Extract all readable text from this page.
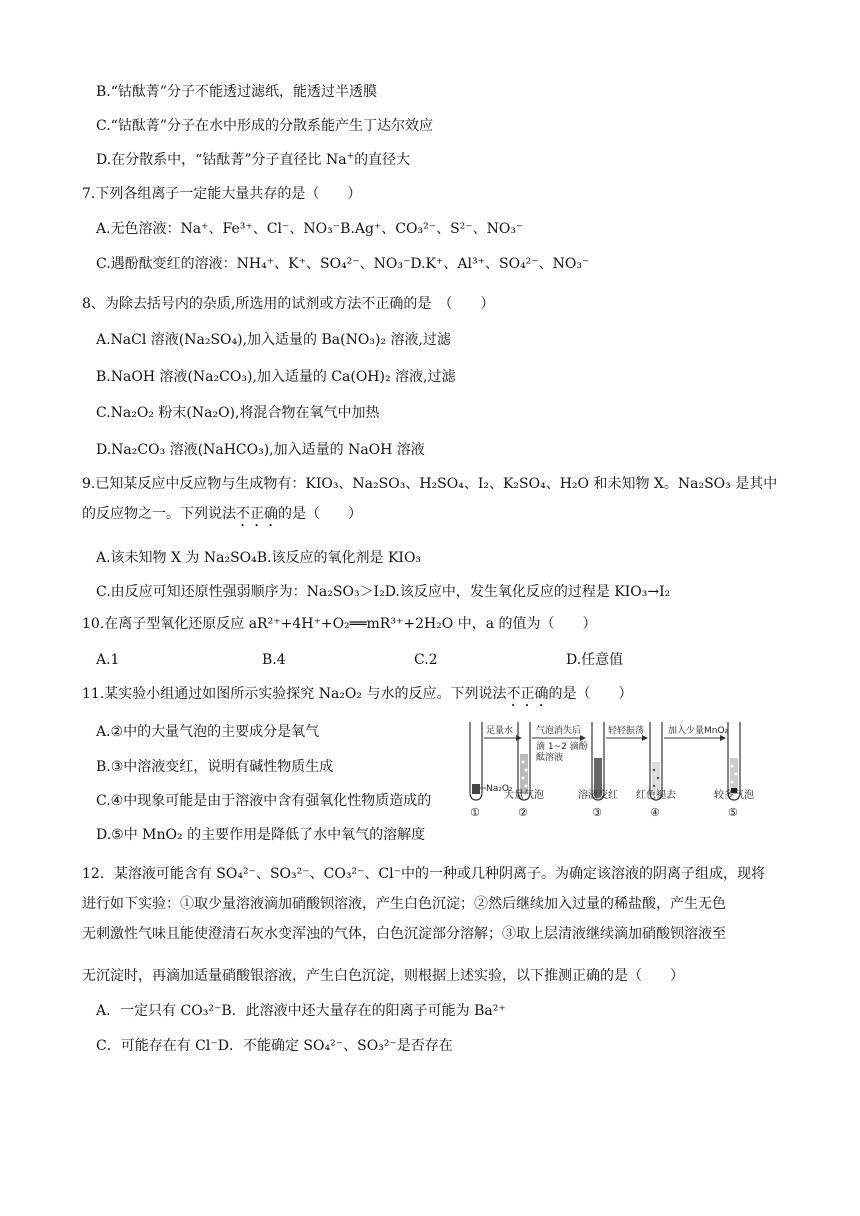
B.“钴酞菁”分子不能透过滤纸，能透过半透膜
C.“钴酞菁”分子在水中形成的分散系能产生丁达尔效应
D.在分散系中，“钴酞菁”分子直径比 Na+的直径大
7.下列各组离子一定能大量共存的是（　　）
A.无色溶液：Na⁺、Fe³⁺、Cl⁻、NO₃⁻B.Ag⁺、CO₃²⁻、S²⁻、NO₃⁻
C.遇酚酞变红的溶液：NH₄⁺、K⁺、SO₄²⁻、NO₃⁻D.K⁺、Al³⁺、SO₄²⁻、NO₃⁻
8、为除去括号内的杂质,所选用的试剂或方法不正确的是　（　　）
A.NaCl 溶液(Na₂SO₄),加入适量的 Ba(NO₃)₂ 溶液,过滤
B.NaOH 溶液(Na₂CO₃),加入适量的 Ca(OH)₂ 溶液,过滤
C.Na₂O₂ 粉末(Na₂O),将混合物在氧气中加热
D.Na₂CO₃ 溶液(NaHCO₃),加入适量的 NaOH 溶液
9.已知某反应中反应物与生成物有：KIO₃、Na₂SO₃、H₂SO₄、I₂、K₂SO₄、H₂O 和未知物 X。Na₂SO₃ 是其中
的反应物之一。下列说法不正确的是（　　）
A.该未知物 X 为 Na₂SO₄B.该反应的氧化剂是 KIO₃
C.由反应可知还原性强弱顺序为：Na₂SO₃＞I₂D.该反应中，发生氧化反应的过程是 KIO₃→I₂
10.在离子型氧化还原反应 aR²⁺+4H⁺+O₂══mR³⁺+2H₂O 中，a 的值为（　　）
A.1	B.4	C.2	D.任意值
11.某实验小组通过如图所示实验探究 Na₂O₂ 与水的反应。下列说法不正确的是（　　）
A.②中的大量气泡的主要成分是氧气
B.③中溶液变红，说明有碱性物质生成
C.④中现象可能是由于溶液中含有强氧化性物质造成的
D.⑤中 MnO₂ 的主要作用是降低了水中氧气的溶解度
Na₂O₂
足量水	气泡消失后
滴 1~2 滴酚
酞溶液
轻轻振荡	加入少量MnO₂
大量气泡	溶液变红 红色褪去	较多气泡
①	②	③	④	⑤
12．某溶液可能含有 SO₄²⁻、SO₃²⁻、CO₃²⁻、Cl⁻中的一种或几种阴离子。为确定该溶液的阴离子组成，现将
进行如下实验：①取少量溶液滴加硝酸钡溶液，产生白色沉淀；②然后继续加入过量的稀盐酸，产生无色
无刺激性气味且能使澄清石灰水变浑浊的气体，白色沉淀部分溶解；③取上层清液继续滴加硝酸钡溶液至
无沉淀时，再滴加适量硝酸银溶液，产生白色沉淀，则根据上述实验，以下推测正确的是（　　）
A．一定只有 CO₃²⁻B．此溶液中还大量存在的阳离子可能为 Ba²⁺
C．可能存在有 Cl⁻D．不能确定 SO₄²⁻、SO₃²⁻是否存在
